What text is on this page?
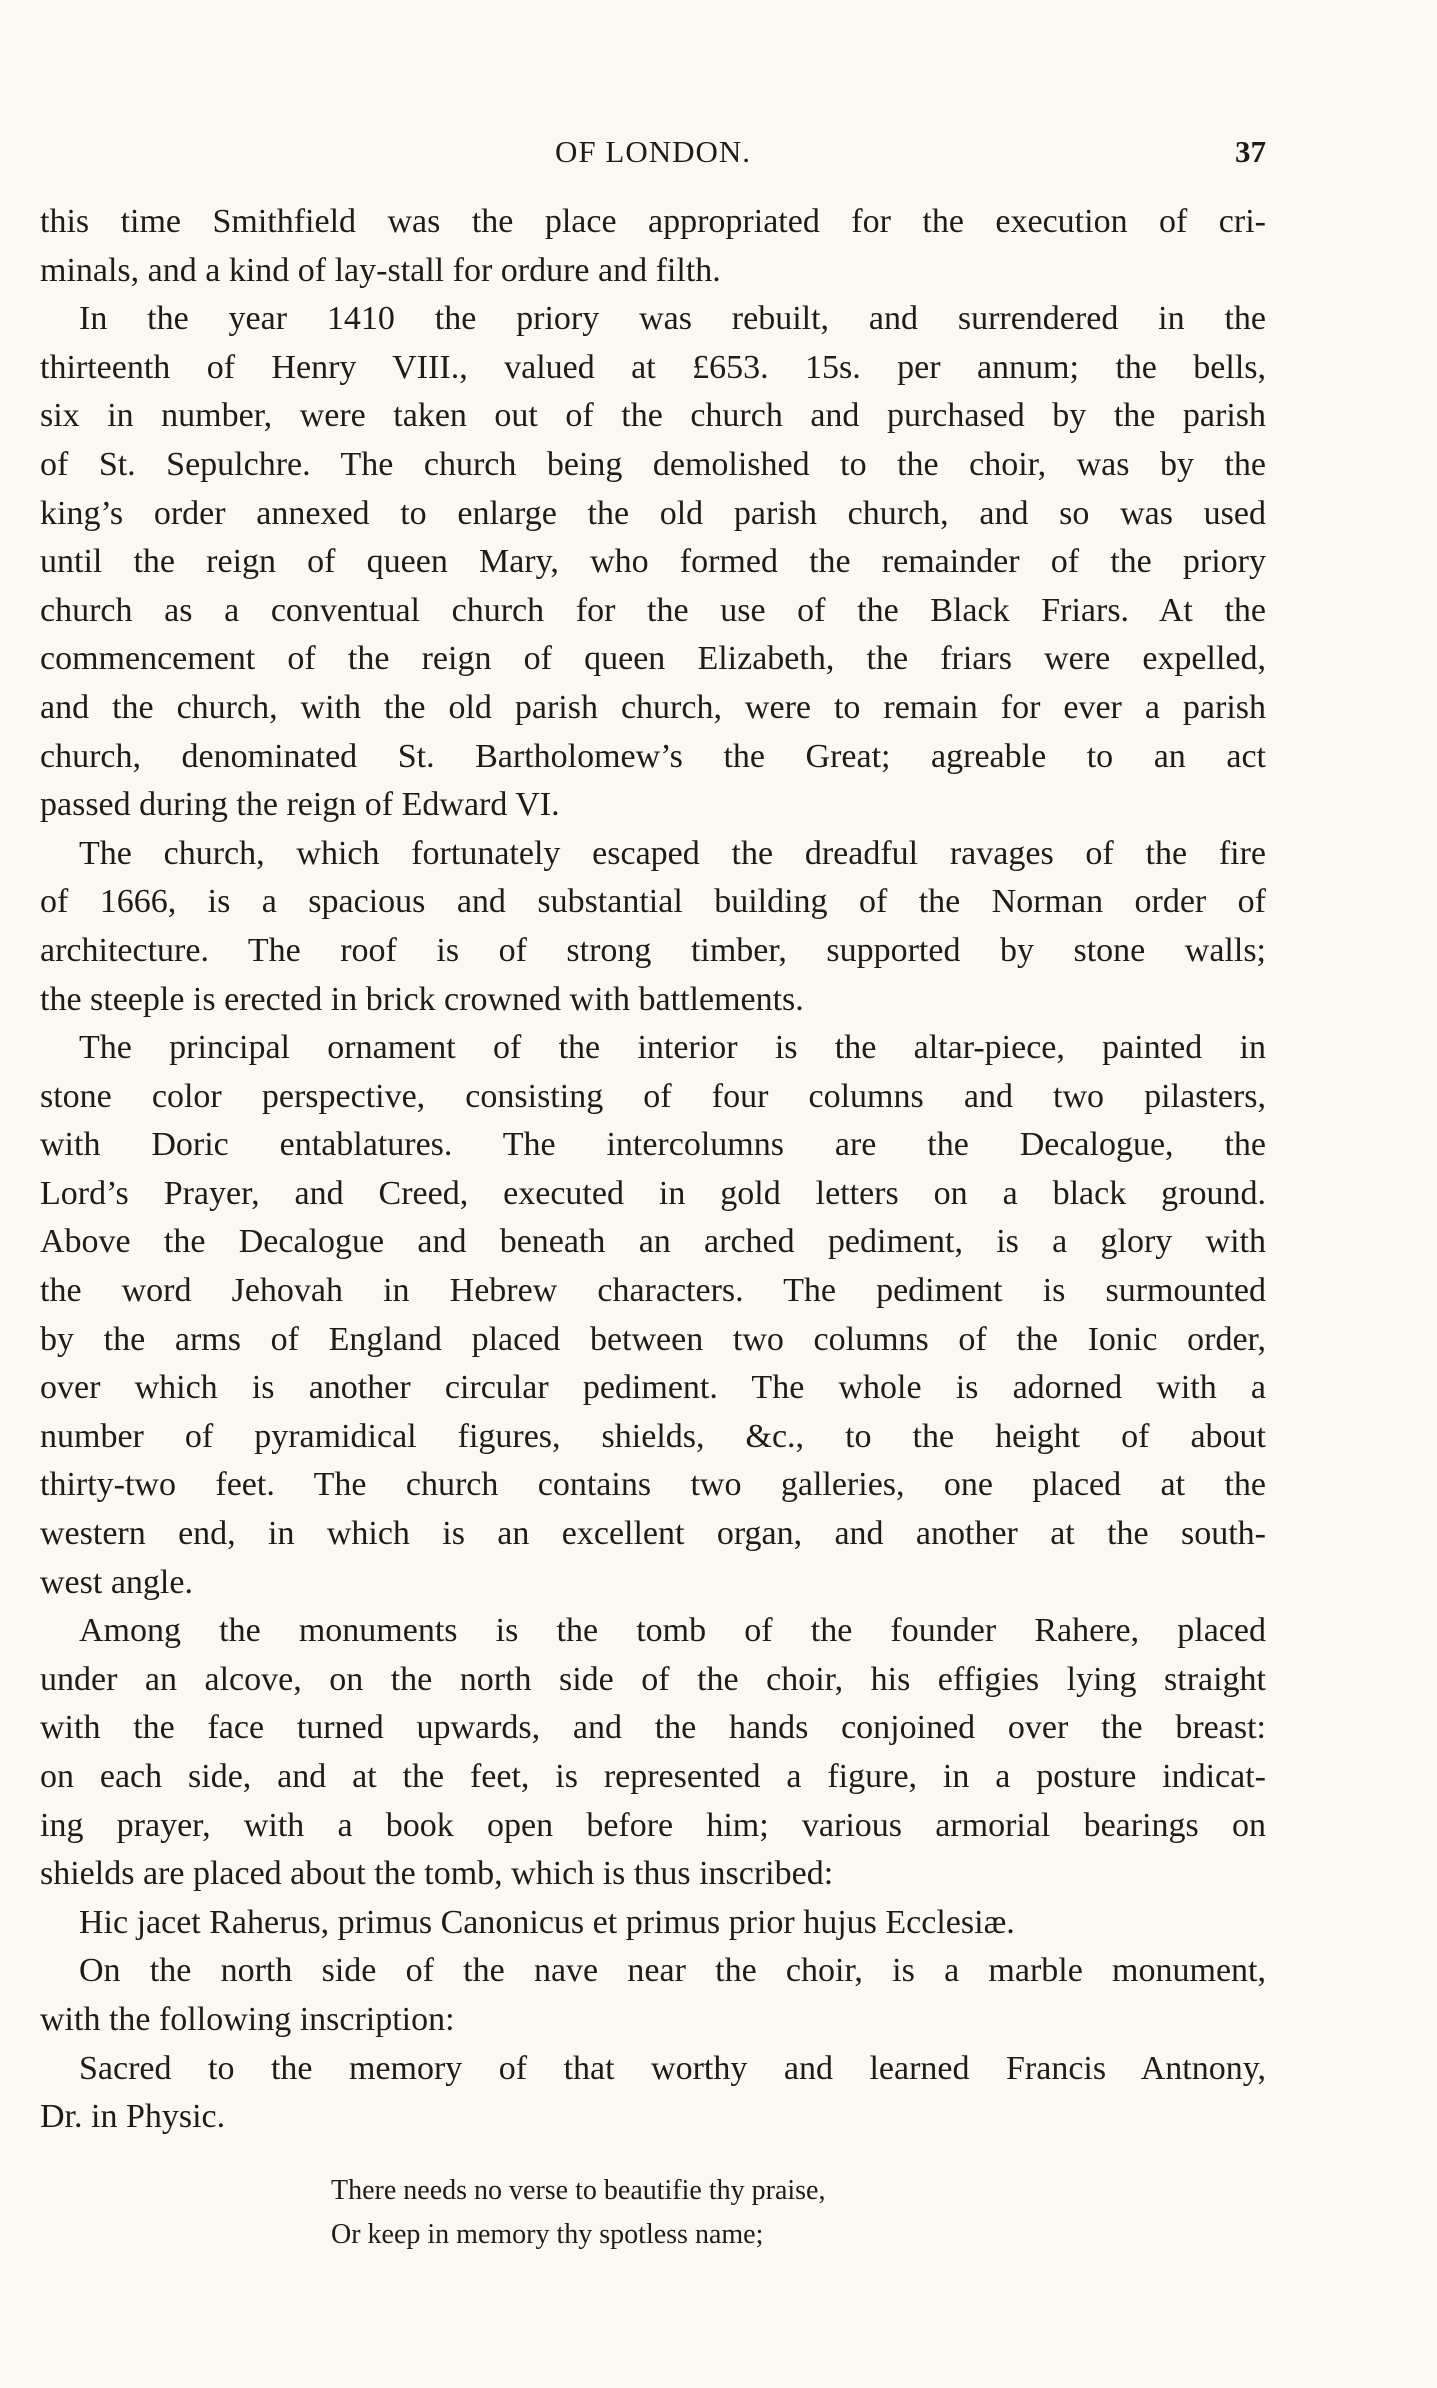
OF LONDON.	37
this time Smithfield was the place appropriated for the execution of cri-
minals, and a kind of lay-stall for ordure and filth.
In the year 1410 the priory was rebuilt, and surrendered in the
thirteenth of Henry VIII., valued at £653. 15s. per annum; the bells,
six in number, were taken out of the church and purchased by the parish
of St. Sepulchre. The church being demolished to the choir, was by the
king’s order annexed to enlarge the old parish church, and so was used
until the reign of queen Mary, who formed the remainder of the priory
church as a conventual church for the use of the Black Friars. At the
commencement of the reign of queen Elizabeth, the friars were expelled,
and the church, with the old parish church, were to remain for ever a parish
church, denominated St. Bartholomew’s the Great; agreable to an act
passed during the reign of Edward VI.
The church, which fortunately escaped the dreadful ravages of the fire
of 1666, is a spacious and substantial building of the Norman order of
architecture. The roof is of strong timber, supported by stone walls;
the steeple is erected in brick crowned with battlements.
The principal ornament of the interior is the altar-piece, painted in
stone color perspective, consisting of four columns and two pilasters,
with Doric entablatures. The intercolumns are the Decalogue, the
Lord’s Prayer, and Creed, executed in gold letters on a black ground.
Above the Decalogue and beneath an arched pediment, is a glory with
the word Jehovah in Hebrew characters. The pediment is surmounted
by the arms of England placed between two columns of the Ionic order,
over which is another circular pediment. The whole is adorned with a
number of pyramidical figures, shields, &c., to the height of about
thirty-two feet. The church contains two galleries, one placed at the
western end, in which is an excellent organ, and another at the south-
west angle.
Among the monuments is the tomb of the founder Rahere, placed
under an alcove, on the north side of the choir, his effigies lying straight
with the face turned upwards, and the hands conjoined over the breast:
on each side, and at the feet, is represented a figure, in a posture indicat-
ing prayer, with a book open before him; various armorial bearings on
shields are placed about the tomb, which is thus inscribed:
Hic jacet Raherus, primus Canonicus et primus prior hujus Ecclesiæ.
On the north side of the nave near the choir, is a marble monument,
with the following inscription:
Sacred to the memory of that worthy and learned Francis Antnony,
Dr. in Physic.
There needs no verse to beautifie thy praise,
Or keep in memory thy spotless name;
